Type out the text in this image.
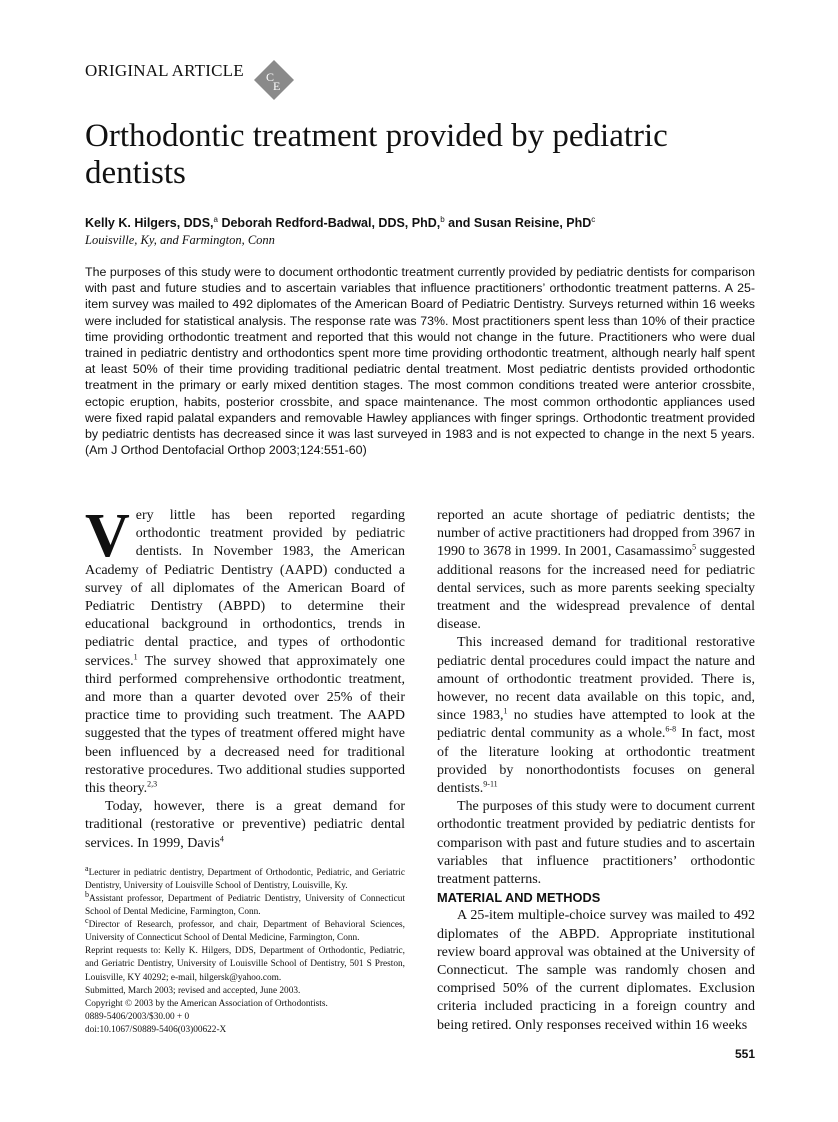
ORIGINAL ARTICLE C
E
Orthodontic treatment provided by pediatric dentists
Kelly K. Hilgers, DDS,$^a$ Deborah Redford-Badwal, DDS, PhD,$^b$ and Susan Reisine, PhD$^c$
Louisville, Ky, and Farmington, Conn

The purposes of this study were to document orthodontic treatment currently provided by pediatric dentists for comparison with past and future studies and to ascertain variables that influence practitioners’ orthodontic treatment patterns. A 25-item survey was mailed to 492 diplomates of the American Board of Pediatric Dentistry. Surveys returned within 16 weeks were included for statistical analysis. The response rate was 73%. Most practitioners spent less than 10% of their practice time providing orthodontic treatment and reported that this would not change in the future. Practitioners who were dual trained in pediatric dentistry and orthodontics spent more time providing orthodontic treatment, although nearly half spent at least 50% of their time providing traditional pediatric dental treatment. Most pediatric dentists provided orthodontic treatment in the primary or early mixed dentition stages. The most common conditions treated were anterior crossbite, ectopic eruption, habits, posterior crossbite, and space maintenance. The most common orthodontic appliances used were fixed rapid palatal expanders and removable Hawley appliances with finger springs. Orthodontic treatment provided by pediatric dentists has decreased since it was last surveyed in 1983 and is not expected to change in the next 5 years. (Am J Orthod Dentofacial Orthop 2003;124:551-60)

Very little has been reported regarding orthodontic treatment provided by pediatric dentists. In November 1983, the American Academy of Pediatric Dentistry (AAPD) conducted a survey of all diplomates of the American Board of Pediatric Dentistry (ABPD) to determine their educational background in orthodontics, trends in pediatric dental practice, and types of orthodontic services.$^1$ The survey showed that approximately one third performed comprehensive orthodontic treatment, and more than a quarter devoted over 25% of their practice time to providing such treatment. The AAPD suggested that the types of treatment offered might have been influenced by a decreased need for traditional restorative procedures. Two additional studies supported this theory.$^{2,3}$

Today, however, there is a great demand for traditional (restorative or preventive) pediatric dental services. In 1999, Davis$^4$

$^a$Lecturer in pediatric dentistry, Department of Orthodontic, Pediatric, and Geriatric Dentistry, University of Louisville School of Dentistry, Louisville, Ky.
$^b$Assistant professor, Department of Pediatric Dentistry, University of Connecticut School of Dental Medicine, Farmington, Conn.
$^c$Director of Research, professor, and chair, Department of Behavioral Sciences, University of Connecticut School of Dental Medicine, Farmington, Conn.
Reprint requests to: Kelly K. Hilgers, DDS, Department of Orthodontic, Pediatric, and Geriatric Dentistry, University of Louisville School of Dentistry, 501 S Preston, Louisville, KY 40292; e-mail, hilgersk@yahoo.com.
Submitted, March 2003; revised and accepted, June 2003.
Copyright © 2003 by the American Association of Orthodontists.
0889-5406/2003/$30.00 + 0
doi:10.1067/S0889-5406(03)00622-X

reported an acute shortage of pediatric dentists; the number of active practitioners had dropped from 3967 in 1990 to 3678 in 1999. In 2001, Casamassimo$^5$ suggested additional reasons for the increased need for pediatric dental services, such as more parents seeking specialty treatment and the widespread prevalence of dental disease.

This increased demand for traditional restorative pediatric dental procedures could impact the nature and amount of orthodontic treatment provided. There is, however, no recent data available on this topic, and, since 1983,$^1$ no studies have attempted to look at the pediatric dental community as a whole.$^{6-8}$ In fact, most of the literature looking at orthodontic treatment provided by nonorthodontists focuses on general dentists.$^{9-11}$

The purposes of this study were to document current orthodontic treatment provided by pediatric dentists for comparison with past and future studies and to ascertain variables that influence practitioners’ orthodontic treatment patterns.

MATERIAL AND METHODS

A 25-item multiple-choice survey was mailed to 492 diplomates of the ABPD. Appropriate institutional review board approval was obtained at the University of Connecticut. The sample was randomly chosen and comprised 50% of the current diplomates. Exclusion criteria included practicing in a foreign country and being retired. Only responses received within 16 weeks

551
